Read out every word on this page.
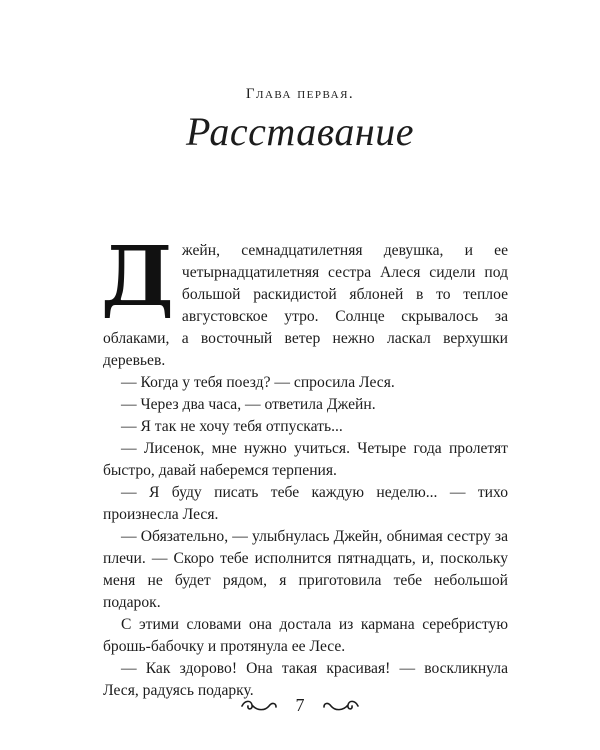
Глава первая.
Расставание

Джейн, семнадцатилетняя девушка, и ее четырнадцатилетняя сестра Алеся сидели под большой раскидистой яблоней в то теплое августовское утро. Солнце скрывалось за облаками, а восточный ветер нежно ласкал верхушки деревьев.

— Когда у тебя поезд? — спросила Леся.

— Через два часа, — ответила Джейн.

— Я так не хочу тебя отпускать...

— Лисенок, мне нужно учиться. Четыре года пролетят быстро, давай наберемся терпения.

— Я буду писать тебе каждую неделю... — тихо произнесла Леся.

— Обязательно, — улыбнулась Джейн, обнимая сестру за плечи. — Скоро тебе исполнится пятнадцать, и, поскольку меня не будет рядом, я приготовила тебе небольшой подарок.

С этими словами она достала из кармана серебристую брошь-бабочку и протянула ее Лесе.

— Как здорово! Она такая красивая! — воскликнула Леся, радуясь подарку.

7
